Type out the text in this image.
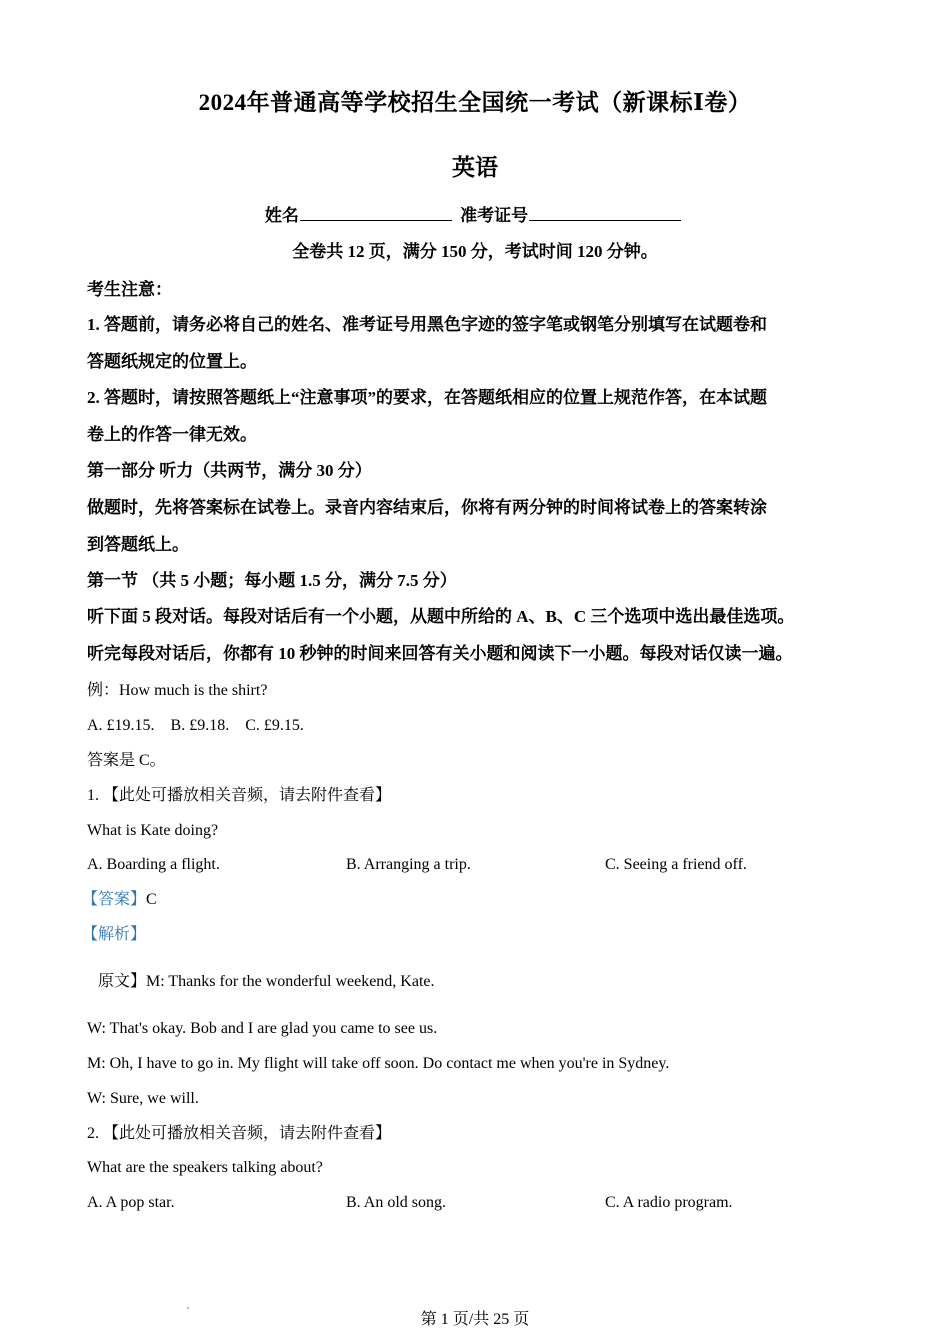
2024年普通高等学校招生全国统一考试（新课标Ⅰ卷）
英语
姓名	准考证号
全卷共 12 页，满分 150 分，考试时间 120 分钟。
考生注意：
1. 答题前，请务必将自己的姓名、准考证号用黑色字迹的签字笔或钢笔分别填写在试题卷和
答题纸规定的位置上。
2. 答题时，请按照答题纸上“注意事项”的要求，在答题纸相应的位置上规范作答，在本试题
卷上的作答一律无效。
第一部分 听力（共两节，满分 30 分）
做题时，先将答案标在试卷上。录音内容结束后，你将有两分钟的时间将试卷上的答案转涂
到答题纸上。
第一节 （共 5 小题；每小题 1.5 分，满分 7.5 分）
听下面 5 段对话。每段对话后有一个小题，从题中所给的 A、B、C 三个选项中选出最佳选项。
听完每段对话后，你都有 10 秒钟的时间来回答有关小题和阅读下一小题。每段对话仅读一遍。
例：How much is the shirt?
A. £19.15.    B. £9.18.    C. £9.15.
答案是 C。
1. 【此处可播放相关音频，请去附件查看】
What is Kate doing?
A. Boarding a flight.	B. Arranging a trip.	C. Seeing a friend off.
【答案】C
【解析】
原文】M: Thanks for the wonderful weekend, Kate.
W: That's okay. Bob and I are glad you came to see us.
M: Oh, I have to go in. My flight will take off soon. Do contact me when you're in Sydney.
W: Sure, we will.
2. 【此处可播放相关音频，请去附件查看】
What are the speakers talking about?
A. A pop star.	B. An old song.	C. A radio program.
第 1 页/共 25 页
